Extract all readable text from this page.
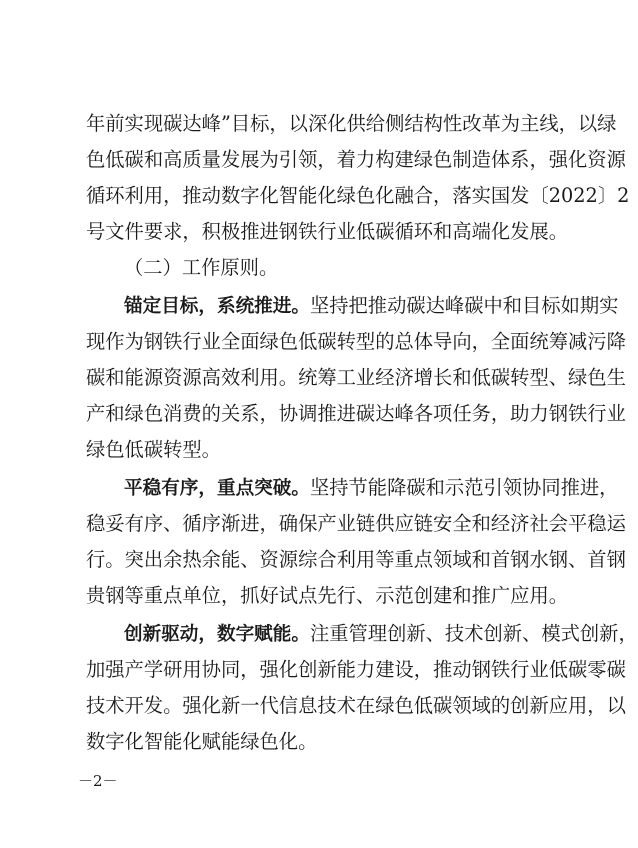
年前实现碳达峰”目标，以深化供给侧结构性改革为主线，以绿
色低碳和高质量发展为引领，着力构建绿色制造体系，强化资源
循环利用，推动数字化智能化绿色化融合，落实国发〔2022〕2
号文件要求，积极推进钢铁行业低碳循环和高端化发展。
（二）工作原则。
锚定目标，系统推进。坚持把推动碳达峰碳中和目标如期实
现作为钢铁行业全面绿色低碳转型的总体导向，全面统筹减污降
碳和能源资源高效利用。统筹工业经济增长和低碳转型、绿色生
产和绿色消费的关系，协调推进碳达峰各项任务，助力钢铁行业
绿色低碳转型。
平稳有序，重点突破。坚持节能降碳和示范引领协同推进，
稳妥有序、循序渐进，确保产业链供应链安全和经济社会平稳运
行。突出余热余能、资源综合利用等重点领域和首钢水钢、首钢
贵钢等重点单位，抓好试点先行、示范创建和推广应用。
创新驱动，数字赋能。注重管理创新、技术创新、模式创新，
加强产学研用协同，强化创新能力建设，推动钢铁行业低碳零碳
技术开发。强化新一代信息技术在绿色低碳领域的创新应用，以
数字化智能化赋能绿色化。
－2－
